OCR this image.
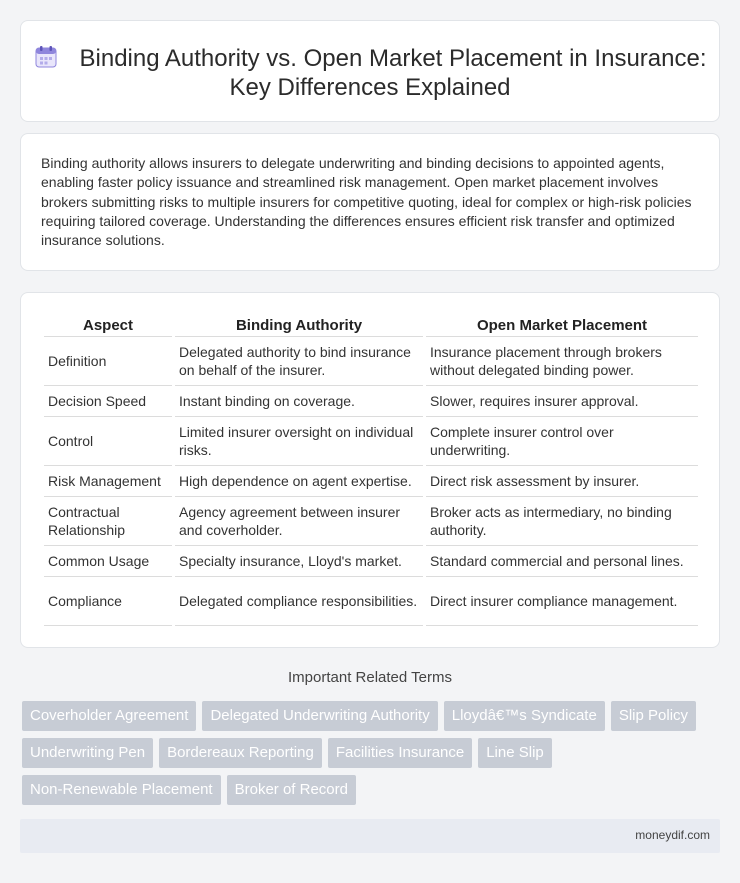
Binding Authority vs. Open Market Placement in Insurance: Key Differences Explained

Binding authority allows insurers to delegate underwriting and binding decisions to appointed agents, enabling faster policy issuance and streamlined risk management. Open market placement involves brokers submitting risks to multiple insurers for competitive quoting, ideal for complex or high-risk policies requiring tailored coverage. Understanding the differences ensures efficient risk transfer and optimized insurance solutions.

Aspect	Binding Authority	Open Market Placement
Definition	Delegated authority to bind insurance on behalf of the insurer.	Insurance placement through brokers without delegated binding power.
Decision Speed	Instant binding on coverage.	Slower, requires insurer approval.
Control	Limited insurer oversight on individual risks.	Complete insurer control over underwriting.
Risk Management	High dependence on agent expertise.	Direct risk assessment by insurer.
Contractual Relationship	Agency agreement between insurer and coverholder.	Broker acts as intermediary, no binding authority.
Common Usage	Specialty insurance, Lloyd's market.	Standard commercial and personal lines.
Compliance	Delegated compliance responsibilities.	Direct insurer compliance management.
Important Related Terms
Coverholder Agreement	Delegated Underwriting Authority	Lloydâ€™s Syndicate	Slip Policy
Underwriting Pen	Bordereaux Reporting	Facilities Insurance	Line Slip
Non-Renewable Placement	Broker of Record
moneydif.com
